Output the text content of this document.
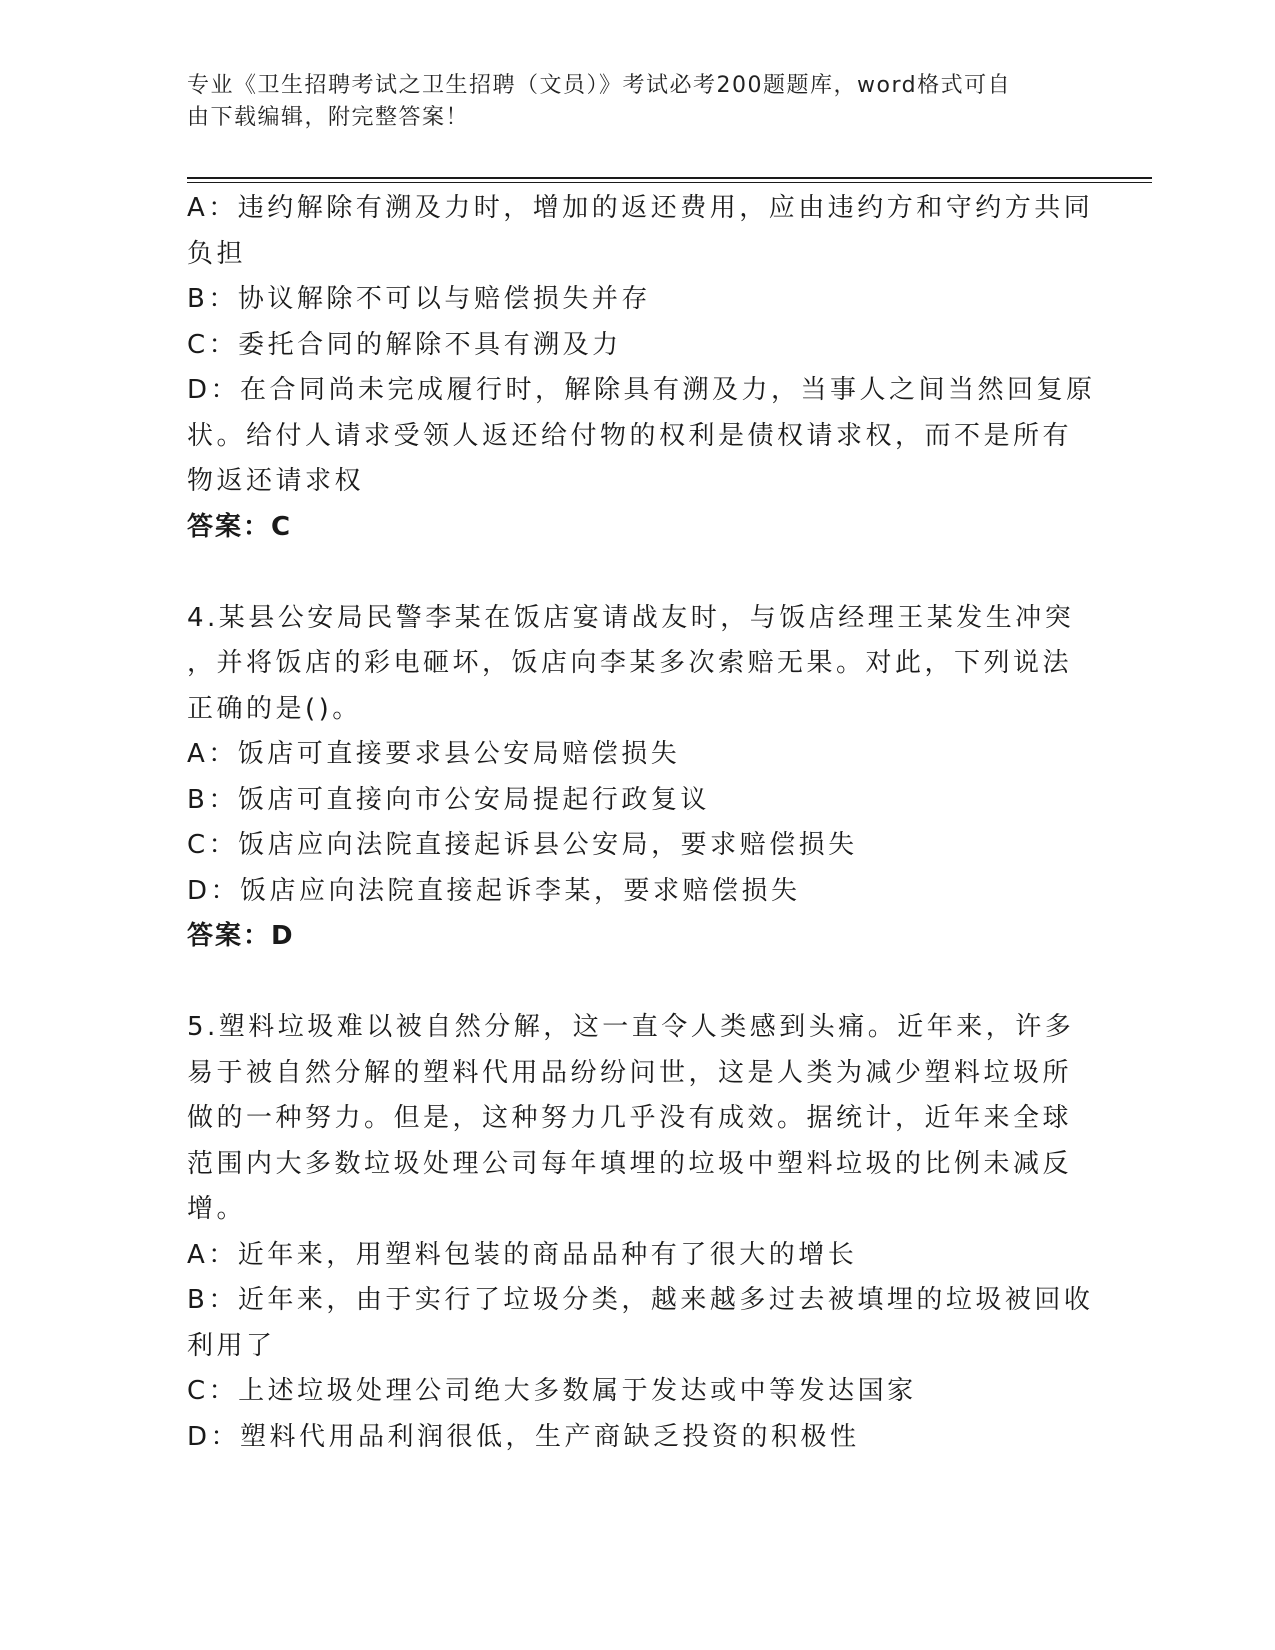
专业《卫生招聘考试之卫生招聘（文员）》考试必考200题题库，word格式可自
由下载编辑，附完整答案！
A：违约解除有溯及力时，增加的返还费用，应由违约方和守约方共同
负担
B：协议解除不可以与赔偿损失并存
C：委托合同的解除不具有溯及力
D：在合同尚未完成履行时，解除具有溯及力，当事人之间当然回复原
状。给付人请求受领人返还给付物的权利是债权请求权，而不是所有
物返还请求权
答案：C
4.某县公安局民警李某在饭店宴请战友时，与饭店经理王某发生冲突
，并将饭店的彩电砸坏，饭店向李某多次索赔无果。对此，下列说法
正确的是()。
A：饭店可直接要求县公安局赔偿损失
B：饭店可直接向市公安局提起行政复议
C：饭店应向法院直接起诉县公安局，要求赔偿损失
D：饭店应向法院直接起诉李某，要求赔偿损失
答案：D
5.塑料垃圾难以被自然分解，这一直令人类感到头痛。近年来，许多
易于被自然分解的塑料代用品纷纷问世，这是人类为减少塑料垃圾所
做的一种努力。但是，这种努力几乎没有成效。据统计，近年来全球
范围内大多数垃圾处理公司每年填埋的垃圾中塑料垃圾的比例未减反
增。
A：近年来，用塑料包装的商品品种有了很大的增长
B：近年来，由于实行了垃圾分类，越来越多过去被填埋的垃圾被回收
利用了
C：上述垃圾处理公司绝大多数属于发达或中等发达国家
D：塑料代用品利润很低，生产商缺乏投资的积极性
